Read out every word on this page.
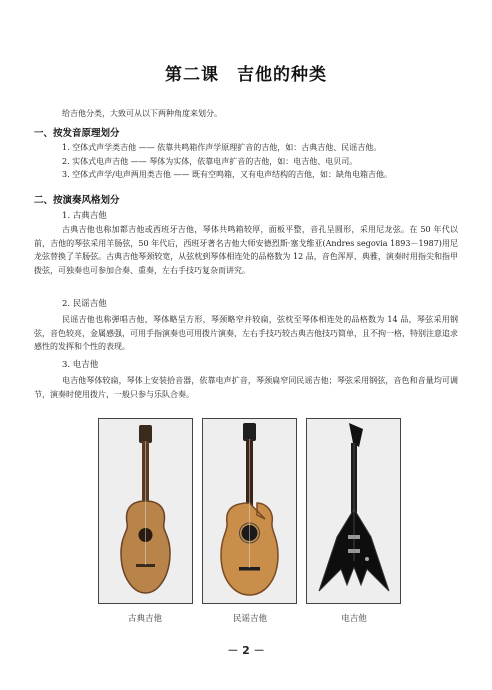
第二课 吉他的种类
给吉他分类，大致可从以下两种角度来划分。
一、按发音原理划分
1. 空体式声学类吉他 —— 依靠共鸣箱作声学原理扩音的吉他，如：古典吉他、民谣吉他。
2. 实体式电声吉他 —— 琴体为实体，依靠电声扩音的吉他，如：电吉他、电贝司。
3. 空体式声学/电声两用类吉他 —— 既有空鸣箱，又有电声结构的吉他，如：缺角电箱吉他。
二、按演奏风格划分
1. 古典吉他
古典吉他也称加都吉他或西班牙吉他，琴体共鸣箱较厚，面板平整，音孔呈圆形，采用尼龙弦。在 50 年代以前，吉他的琴弦采用羊肠弦，50 年代后，西班牙著名吉他大师安德烈斯·塞戈维亚(Andres segovia 1893－1987)用尼龙弦替换了羊肠弦。古典吉他琴颈较宽，从弦枕到琴体相连处的品格数为 12 品，音色浑厚、典雅，演奏时用指尖和指甲拨弦，可独奏也可参加合奏、重奏，左右手技巧复杂而讲究。
2. 民谣吉他
民谣吉他也称弹唱吉他，琴体略呈方形，琴颈略窄并较扁，弦枕至琴体相连处的品格数为 14 品，琴弦采用钢弦，音色较亮，金属感强，可用手指演奏也可用拨片演奏，左右手技巧较古典吉他技巧简单，且不拘一格，特别注意追求感性的发挥和个性的表现。
3. 电吉他
电吉他琴体较扁，琴体上安装拾音器，依靠电声扩音，琴颈扁窄同民谣吉他；琴弦采用钢弦，音色和音量均可调节，演奏时使用拨片，一般只参与乐队合奏。
古典吉他	民谣吉他	电吉他
－ 2 －
